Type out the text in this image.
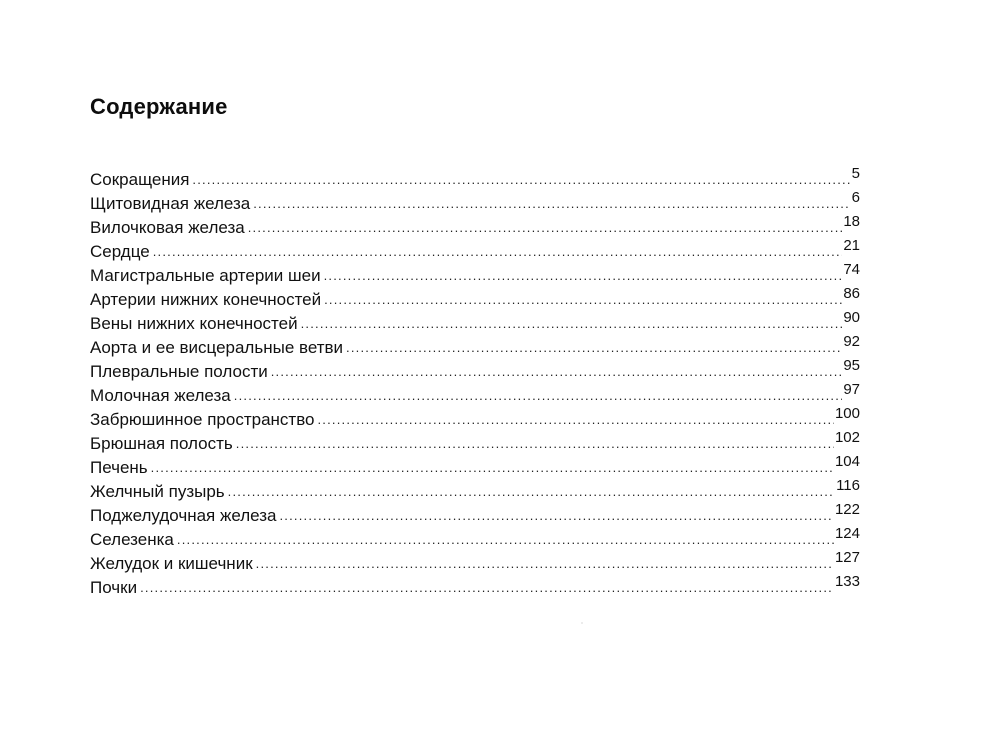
Содержание
Сокращения .....	5
Щитовидная железа .....	6
Вилочковая железа .....	18
Сердце .....	21
Магистральные артерии шеи .....	74
Артерии нижних конечностей .....	86
Вены нижних конечностей .....	90
Аорта и ее висцеральные ветви .....	92
Плевральные полости .....	95
Молочная железа .....	97
Забрюшинное пространство .....	100
Брюшная полость .....	102
Печень .....	104
Желчный пузырь .....	116
Поджелудочная железа .....	122
Селезенка .....	124
Желудок и кишечник .....	127
Почки .....	133
